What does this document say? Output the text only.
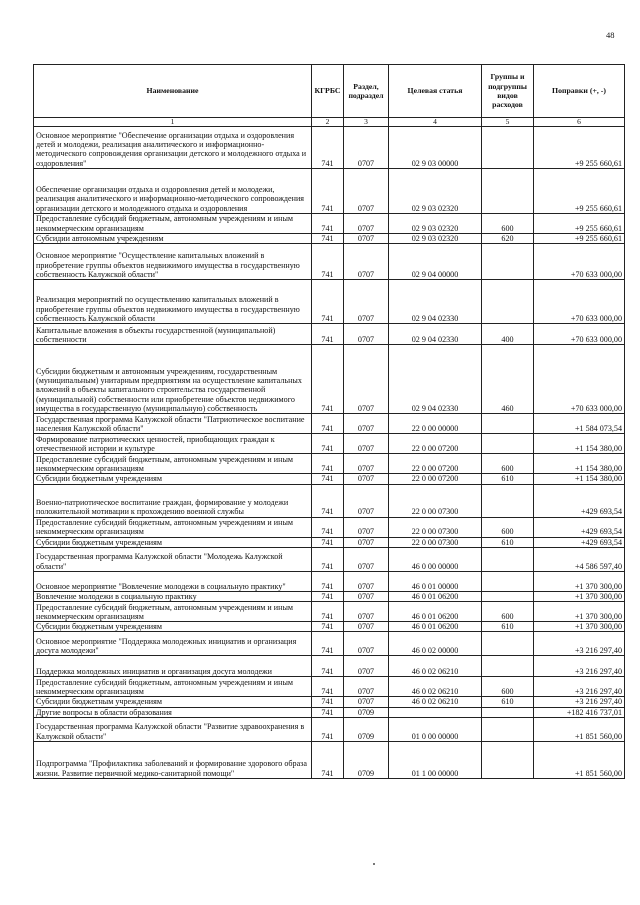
48
Наименование	КГРБС	Раздел, подраздел	Целевая статья	Группы и подгруппы видов расходов	Поправки (+, -)
1	2	3	4	5	6
Основное мероприятие "Обеспечение организации отдыха и оздоровления детей и молодежи, реализация аналитического и информационно-методического сопровождения организации детского и молодежного отдыха и оздоровления"	741	0707	02 9 03 00000		+9 255 660,61
Обеспечение организации отдыха и оздоровления детей и молодежи, реализация аналитического и информационно-методического сопровождения организации детского и молодежного отдыха и оздоровления	741	0707	02 9 03 02320		+9 255 660,61
Предоставление субсидий бюджетным, автономным учреждениям и иным некоммерческим организациям	741	0707	02 9 03 02320	600	+9 255 660,61
Субсидии автономным учреждениям	741	0707	02 9 03 02320	620	+9 255 660,61
Основное мероприятие "Осуществление капитальных вложений в приобретение группы объектов недвижимого имущества в государственную собственность Калужской области"	741	0707	02 9 04 00000		+70 633 000,00
Реализация мероприятий по осуществлению капитальных вложений в приобретение группы объектов недвижимого имущества в государственную собственность Калужской области	741	0707	02 9 04 02330		+70 633 000,00
Капитальные вложения в объекты государственной (муниципальной) собственности	741	0707	02 9 04 02330	400	+70 633 000,00
Субсидии бюджетным и автономным учреждениям, государственным (муниципальным) унитарным предприятиям на осуществление капитальных вложений в объекты капитального строительства государственной (муниципальной) собственности или приобретение объектов недвижимого имущества в государственную (муниципальную) собственность	741	0707	02 9 04 02330	460	+70 633 000,00
Государственная программа Калужской области "Патриотическое воспитание населения Калужской области"	741	0707	22 0 00 00000		+1 584 073,54
Формирование патриотических ценностей, приобщающих граждан к отечественной истории и культуре	741	0707	22 0 00 07200		+1 154 380,00
Предоставление субсидий бюджетным, автономным учреждениям и иным некоммерческим организациям	741	0707	22 0 00 07200	600	+1 154 380,00
Субсидии бюджетным учреждениям	741	0707	22 0 00 07200	610	+1 154 380,00
Военно-патриотическое воспитание граждан, формирование у молодежи положительной мотивации к прохождению военной службы	741	0707	22 0 00 07300		+429 693,54
Предоставление субсидий бюджетным, автономным учреждениям и иным некоммерческим организациям	741	0707	22 0 00 07300	600	+429 693,54
Субсидии бюджетным учреждениям	741	0707	22 0 00 07300	610	+429 693,54
Государственная программа Калужской области "Молодежь Калужской области"	741	0707	46 0 00 00000		+4 586 597,40
Основное мероприятие "Вовлечение молодежи в социальную практику"	741	0707	46 0 01 00000		+1 370 300,00
Вовлечение молодежи в социальную практику	741	0707	46 0 01 06200		+1 370 300,00
Предоставление субсидий бюджетным, автономным учреждениям и иным некоммерческим организациям	741	0707	46 0 01 06200	600	+1 370 300,00
Субсидии бюджетным учреждениям	741	0707	46 0 01 06200	610	+1 370 300,00
Основное мероприятие "Поддержка молодежных инициатив и организация досуга молодежи"	741	0707	46 0 02 00000		+3 216 297,40
Поддержка молодежных инициатив и организация досуга молодежи	741	0707	46 0 02 06210		+3 216 297,40
Предоставление субсидий бюджетным, автономным учреждениям и иным некоммерческим организациям	741	0707	46 0 02 06210	600	+3 216 297,40
Субсидии бюджетным учреждениям	741	0707	46 0 02 06210	610	+3 216 297,40
Другие вопросы в области образования	741	0709			+182 416 737,01
Государственная программа Калужской области "Развитие здравоохранения в Калужской области"	741	0709	01 0 00 00000		+1 851 560,00
Подпрограмма "Профилактика заболеваний и формирование здорового образа жизни. Развитие первичной медико-санитарной помощи"	741	0709	01 1 00 00000		+1 851 560,00
